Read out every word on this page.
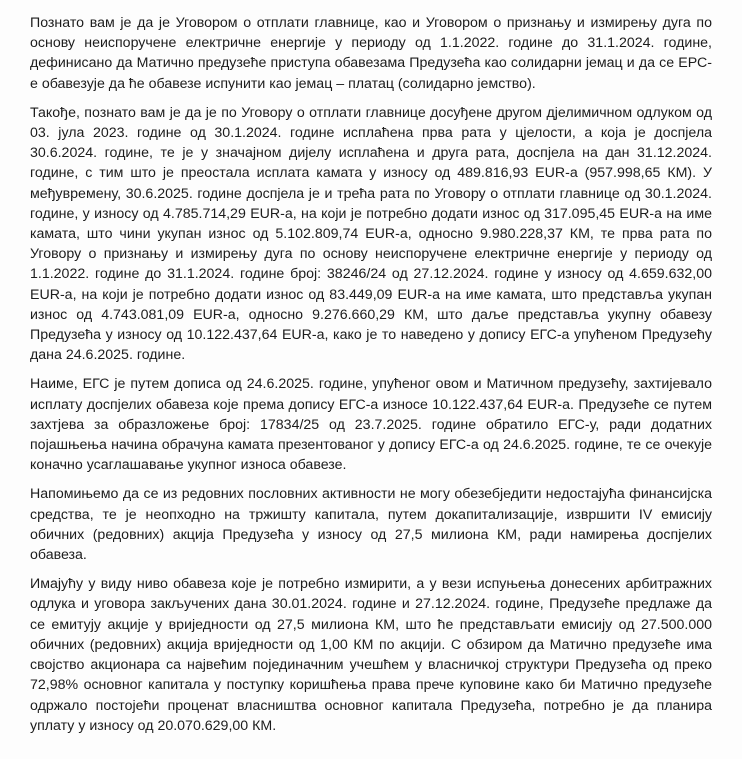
Познато вам је да је Уговором о отплати главнице, као и Уговором о признању и измирењу дуга по основу неиспоручене електричне енергије у периоду од 1.1.2022. године до 31.1.2024. године, дефинисано да Матично предузеће приступа обавезама Предузећа као солидарни јемац и да се ЕРС-е обавезује да ће обавезе испунити као јемац – платац (солидарно јемство).

Такође, познато вам је да је по Уговору о отплати главнице досуђене другом дјелимичном одлуком од 03. јула 2023. године од 30.1.2024. године исплаћена прва рата у цјелости, а која је доспјела 30.6.2024. године, те је у значајном дијелу исплаћена и друга рата, доспјела на дан 31.12.2024. године, с тим што је преостала исплата камата у износу од 489.816,93 EUR-а (957.998,65 КМ). У међувремену, 30.6.2025. године доспјела је и трећа рата по Уговору о отплати главнице од 30.1.2024. године, у износу од 4.785.714,29 EUR-а, на који је потребно додати износ од 317.095,45 EUR-а на име камата, што чини укупан износ од 5.102.809,74 EUR-а, односно 9.980.228,37 КМ, те прва рата по Уговору о признању и измирењу дуга по основу неиспоручене електричне енергије у периоду од 1.1.2022. године до 31.1.2024. године број: 38246/24 од 27.12.2024. године у износу од 4.659.632,00 EUR-а, на који је потребно додати износ од 83.449,09 EUR-а на име камата, што представља укупан износ од 4.743.081,09 EUR-а, односно 9.276.660,29 КМ, што даље представља укупну обавезу Предузећа у износу од 10.122.437,64 EUR-а, како је то наведено у допису ЕГС-а упућеном Предузећу дана 24.6.2025. године.

Наиме, ЕГС је путем дописа од 24.6.2025. године, упућеног овом и Матичном предузећу, захтијевало исплату доспјелих обавеза које према допису ЕГС-а износе 10.122.437,64 EUR-а. Предузеће се путем захтјева за образложење број: 17834/25 од 23.7.2025. године обратило ЕГС-у, ради додатних појашњења начина обрачуна камата презентованог у допису ЕГС-а од 24.6.2025. године, те се очекује коначно усаглашавање укупног износа обавезе.

Напомињемо да се из редовних пословних активности не могу обезебједити недостајућа финансијска средства, те је неопходно на тржишту капитала, путем докапитализације, извршити IV емисију обичних (редовних) акција Предузећа у износу од 27,5 милиона КМ, ради намирења доспјелих обавеза.

Имајућу у виду ниво обавеза које је потребно измирити, а у вези испуњења донесених арбитражних одлука и уговора закључених дана 30.01.2024. године и 27.12.2024. године, Предузеће предлаже да се емитују акције у вриједности од 27,5 милиона КМ, што ће представљати емисију од 27.500.000 обичних (редовних) акција вриједности од 1,00 КМ по акцији. С обзиром да Матично предузеће има својство акционара са највећим појединачним учешћем у власничкој структури Предузећа од преко 72,98% основног капитала у поступку коришћења права прече куповине како би Матично предузеће одржало постојећи проценат власништва основног капитала Предузећа, потребно је да планира уплату у износу од 20.070.629,00 КМ.
